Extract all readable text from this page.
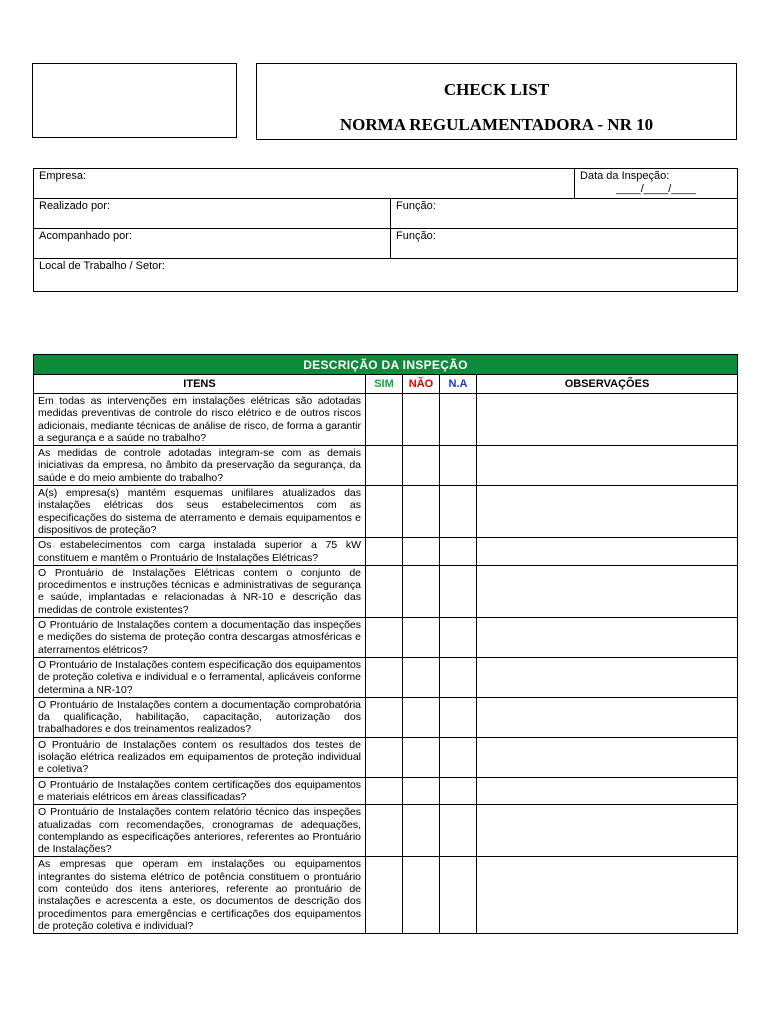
CHECK LIST
NORMA REGULAMENTADORA - NR 10
Empresa:		Data da Inspeção:
____/____/____

Realizado por:	Função:	
Acompanhado por:	Função:	
Local de Trabalho / Setor:		
DESCRIÇÃO DA INSPEÇÃO				
ITENS	SIM	NÃO	N.A	OBSERVAÇÕES
Em todas as intervenções em instalações elétricas são adotadas medidas preventivas de controle do risco elétrico e de outros riscos adicionais, mediante técnicas de análise de risco, de forma a garantir a segurança e a saúde no trabalho?				
As medidas de controle adotadas integram-se com as demais iniciativas da empresa, no âmbito da preservação da segurança, da saúde e do meio ambiente do trabalho?				
A(s) empresa(s) mantém esquemas unifilares atualizados das instalações elétricas dos seus estabelecimentos com as especificações do sistema de aterramento e demais equipamentos e dispositivos de proteção?				
Os estabelecimentos com carga instalada superior a 75 kW constituem e mantêm o Prontuário de Instalações Elétricas?				
O Prontuário de Instalações Elétricas contem o conjunto de procedimentos e instruções técnicas e administrativas de segurança e saúde, implantadas e relacionadas à NR-10 e descrição das medidas de controle existentes?				
O Prontuário de Instalações contem a documentação das inspeções e medições do sistema de proteção contra descargas atmosféricas e aterramentos elétricos?				
O Prontuário de Instalações contem especificação dos equipamentos de proteção coletiva e individual e o ferramental, aplicáveis conforme determina a NR-10?				
O Prontuário de Instalações contem a documentação comprobatória da qualificação, habilitação, capacitação, autorização dos trabalhadores e dos treinamentos realizados?				
O Prontuário de Instalações contem os resultados dos testes de isolação elétrica realizados em equipamentos de proteção individual e coletiva?				
O Prontuário de Instalações contem certificações dos equipamentos e materiais elétricos em áreas classificadas?				
O Prontuário de Instalações contem relatório técnico das inspeções atualizadas com recomendações, cronogramas de adequações, contemplando as especificações anteriores, referentes ao Prontuário de Instalações?				
As empresas que operam em instalações ou equipamentos integrantes do sistema elétrico de potência constituem o prontuário com conteúdo dos itens anteriores, referente ao prontuário de instalações e acrescenta a este, os documentos de descrição dos procedimentos para emergências e certificações dos equipamentos de proteção coletiva e individual?				
